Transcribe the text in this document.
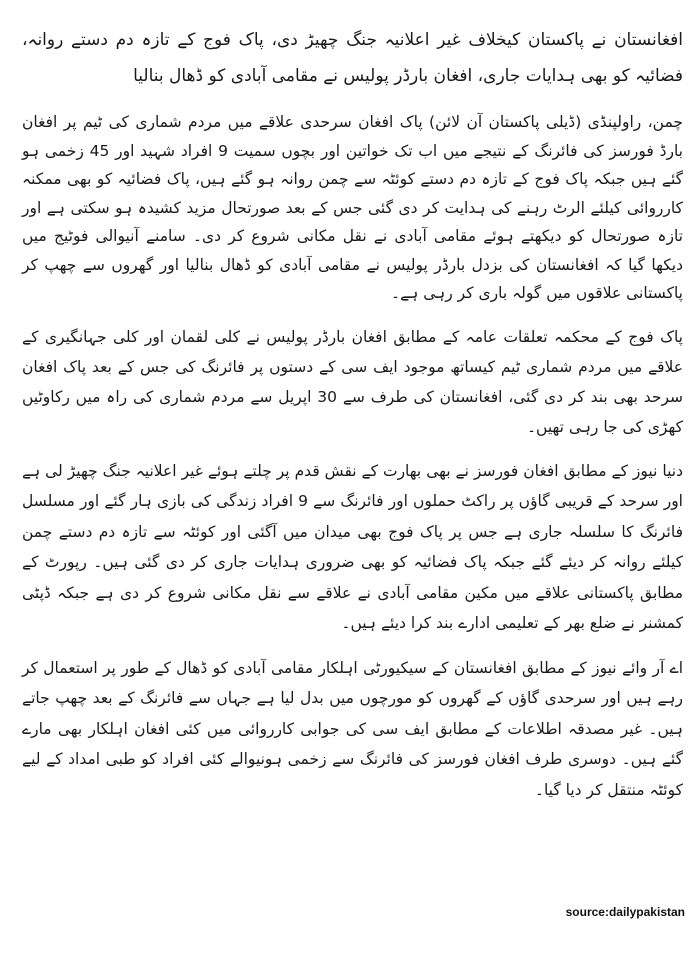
افغانستان نے پاکستان کیخلاف غیر اعلانیہ جنگ چھیڑ دی، پاک فوج کے تازہ دم دستے روانہ، فضائیہ کو بھی ہدایات جاری، افغان بارڈر پولیس نے مقامی آبادی کو ڈھال بنالیا

چمن، راولپنڈی (ڈیلی پاکستان آن لائن) پاک افغان سرحدی علاقے میں مردم شماری کی ٹیم پر افغان بارڈ فورسز کی فائرنگ کے نتیجے میں اب تک خواتین اور بچوں سمیت 9 افراد شہید اور 45 زخمی ہو گئے ہیں جبکہ پاک فوج کے تازہ دم دستے کوئٹہ سے چمن روانہ ہو گئے ہیں، پاک فضائیہ کو بھی ممکنہ کارروائی کیلئے الرٹ رہنے کی ہدایت کر دی گئی جس کے بعد صورتحال مزید کشیدہ ہو سکتی ہے اور تازہ صورتحال کو دیکھتے ہوئے مقامی آبادی نے نقل مکانی شروع کر دی۔ سامنے آنیوالی فوٹیج میں دیکھا گیا کہ افغانستان کی بزدل بارڈر پولیس نے مقامی آبادی کو ڈھال بنالیا اور گھروں سے چھپ کر پاکستانی علاقوں میں گولہ باری کر رہی ہے۔

پاک فوج کے محکمہ تعلقات عامہ کے مطابق افغان بارڈر پولیس نے کلی لقمان اور کلی جہانگیری کے علاقے میں مردم شماری ٹیم کیساتھ موجود ایف سی کے دستوں پر فائرنگ کی جس کے بعد پاک افغان سرحد بھی بند کر دی گئی، افغانستان کی طرف سے 30 اپریل سے مردم شماری کی راہ میں رکاوٹیں کھڑی کی جا رہی تھیں۔

دنیا نیوز کے مطابق افغان فورسز نے بھی بھارت کے نقش قدم پر چلتے ہوئے غیر اعلانیہ جنگ چھیڑ لی ہے اور سرحد کے قریبی گاؤں پر راکٹ حملوں اور فائرنگ سے 9 افراد زندگی کی بازی ہار گئے اور مسلسل فائرنگ کا سلسلہ جاری ہے جس پر پاک فوج بھی میدان میں آگئی اور کوئٹہ سے تازہ دم دستے چمن کیلئے روانہ کر دیئے گئے جبکہ پاک فضائیہ کو بھی ضروری ہدایات جاری کر دی گئی ہیں۔ رپورٹ کے مطابق پاکستانی علاقے میں مکین مقامی آبادی نے علاقے سے نقل مکانی شروع کر دی ہے جبکہ ڈپٹی کمشنر نے ضلع بھر کے تعلیمی ادارے بند کرا دیئے ہیں۔

اے آر وائے نیوز کے مطابق افغانستان کے سیکیورٹی اہلکار مقامی آبادی کو ڈھال کے طور پر استعمال کر رہے ہیں اور سرحدی گاؤں کے گھروں کو مورچوں میں بدل لیا ہے جہاں سے فائرنگ کے بعد چھپ جاتے ہیں۔ غیر مصدقہ اطلاعات کے مطابق ایف سی کی جوابی کارروائی میں کئی افغان اہلکار بھی مارے گئے ہیں۔ دوسری طرف افغان فورسز کی فائرنگ سے زخمی ہونیوالے کئی افراد کو طبی امداد کے لیے کوئٹہ منتقل کر دیا گیا۔

source:dailypakistan
